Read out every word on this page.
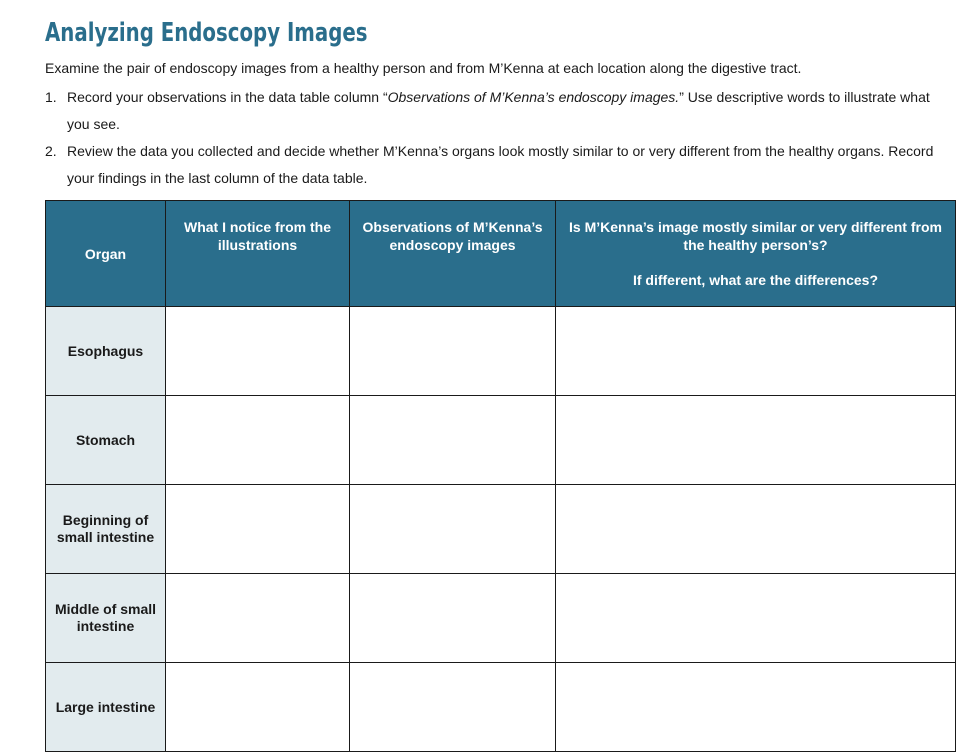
Analyzing Endoscopy Images

Examine the pair of endoscopy images from a healthy person and from M’Kenna at each location along the digestive tract.

1. Record your observations in the data table column “Observations of M’Kenna’s endoscopy images.” Use descriptive words to illustrate what you see.
2. Review the data you collected and decide whether M’Kenna’s organs look mostly similar to or very different from the healthy organs. Record your findings in the last column of the data table.
Organ	What I notice from the illustrations	Observations of M’Kenna’s endoscopy images	Is M’Kenna’s image mostly similar or very different from the healthy person’s?
If different, what are the differences?

Esophagus			
Stomach			
Beginning of small intestine			
Middle of small intestine			
Large intestine			
